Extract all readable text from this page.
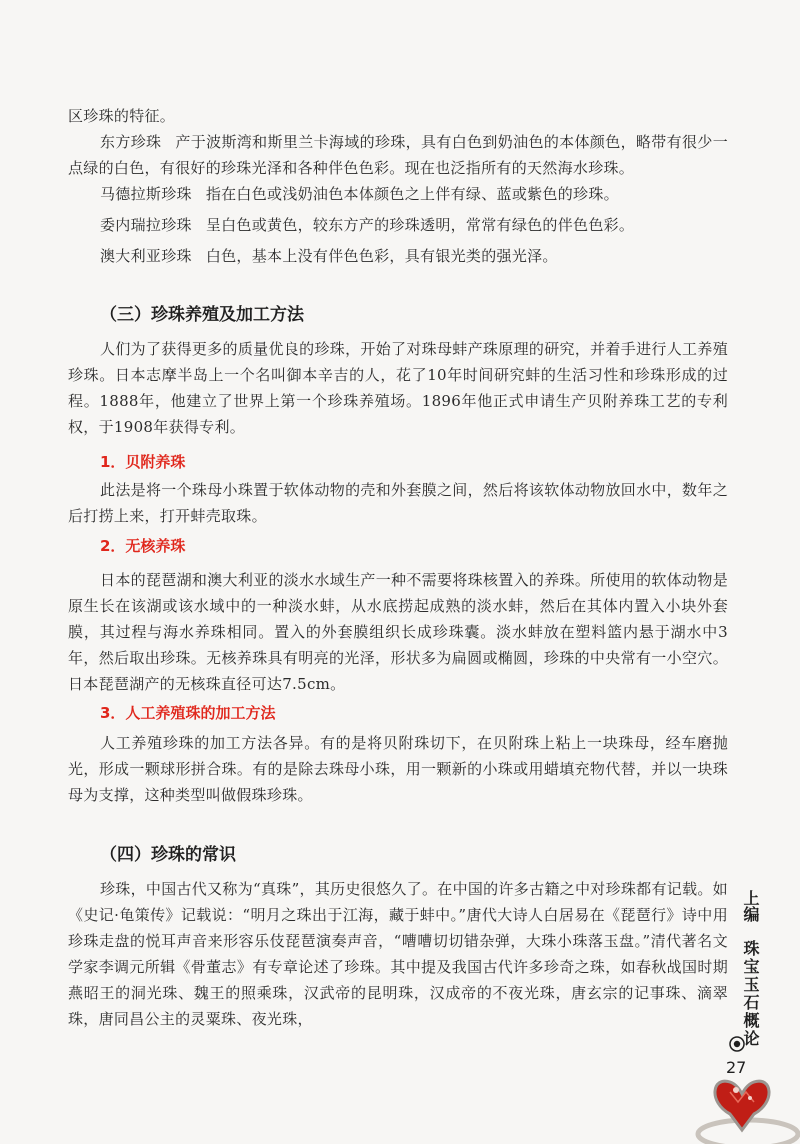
区珍珠的特征。

东方珍珠 产于波斯湾和斯里兰卡海域的珍珠，具有白色到奶油色的本体颜色，略带有很少一点绿的白色，有很好的珍珠光泽和各种伴色色彩。现在也泛指所有的天然海水珍珠。

马德拉斯珍珠 指在白色或浅奶油色本体颜色之上伴有绿、蓝或紫色的珍珠。

委内瑞拉珍珠 呈白色或黄色，较东方产的珍珠透明，常常有绿色的伴色色彩。

澳大利亚珍珠 白色，基本上没有伴色色彩，具有银光类的强光泽。

（三）珍珠养殖及加工方法

人们为了获得更多的质量优良的珍珠，开始了对珠母蚌产珠原理的研究，并着手进行人工养殖珍珠。日本志摩半岛上一个名叫御本辛吉的人，花了10年时间研究蚌的生活习性和珍珠形成的过程。1888年，他建立了世界上第一个珍珠养殖场。1896年他正式申请生产贝附养珠工艺的专利权，于1908年获得专利。

1．贝附养珠

此法是将一个珠母小珠置于软体动物的壳和外套膜之间，然后将该软体动物放回水中，数年之后打捞上来，打开蚌壳取珠。

2．无核养珠

日本的琵琶湖和澳大利亚的淡水水域生产一种不需要将珠核置入的养珠。所使用的软体动物是原生长在该湖或该水域中的一种淡水蚌，从水底捞起成熟的淡水蚌，然后在其体内置入小块外套膜，其过程与海水养珠相同。置入的外套膜组织长成珍珠囊。淡水蚌放在塑料篮内悬于湖水中3年，然后取出珍珠。无核养珠具有明亮的光泽，形状多为扁圆或椭圆，珍珠的中央常有一小空穴。日本琵琶湖产的无核珠直径可达7.5cm。

3．人工养殖珠的加工方法

人工养殖珍珠的加工方法各异。有的是将贝附珠切下，在贝附珠上粘上一块珠母，经车磨抛光，形成一颗球形拼合珠。有的是除去珠母小珠，用一颗新的小珠或用蜡填充物代替，并以一块珠母为支撑，这种类型叫做假珠珍珠。

（四）珍珠的常识

珍珠，中国古代又称为“真珠”，其历史很悠久了。在中国的许多古籍之中对珍珠都有记载。如《史记·龟策传》记载说：“明月之珠出于江海，藏于蚌中。”唐代大诗人白居易在《琵琶行》诗中用珍珠走盘的悦耳声音来形容乐伎琵琶演奏声音，“嘈嘈切切错杂弹，大珠小珠落玉盘。”清代著名文学家李调元所辑《骨董志》有专章论述了珍珠。其中提及我国古代许多珍奇之珠，如春秋战国时期燕昭王的洞光珠、魏王的照乘珠，汉武帝的昆明珠，汉成帝的不夜光珠，唐玄宗的记事珠、滴翠珠，唐同昌公主的灵粟珠、夜光珠，

上编
珠宝玉石概论
27
